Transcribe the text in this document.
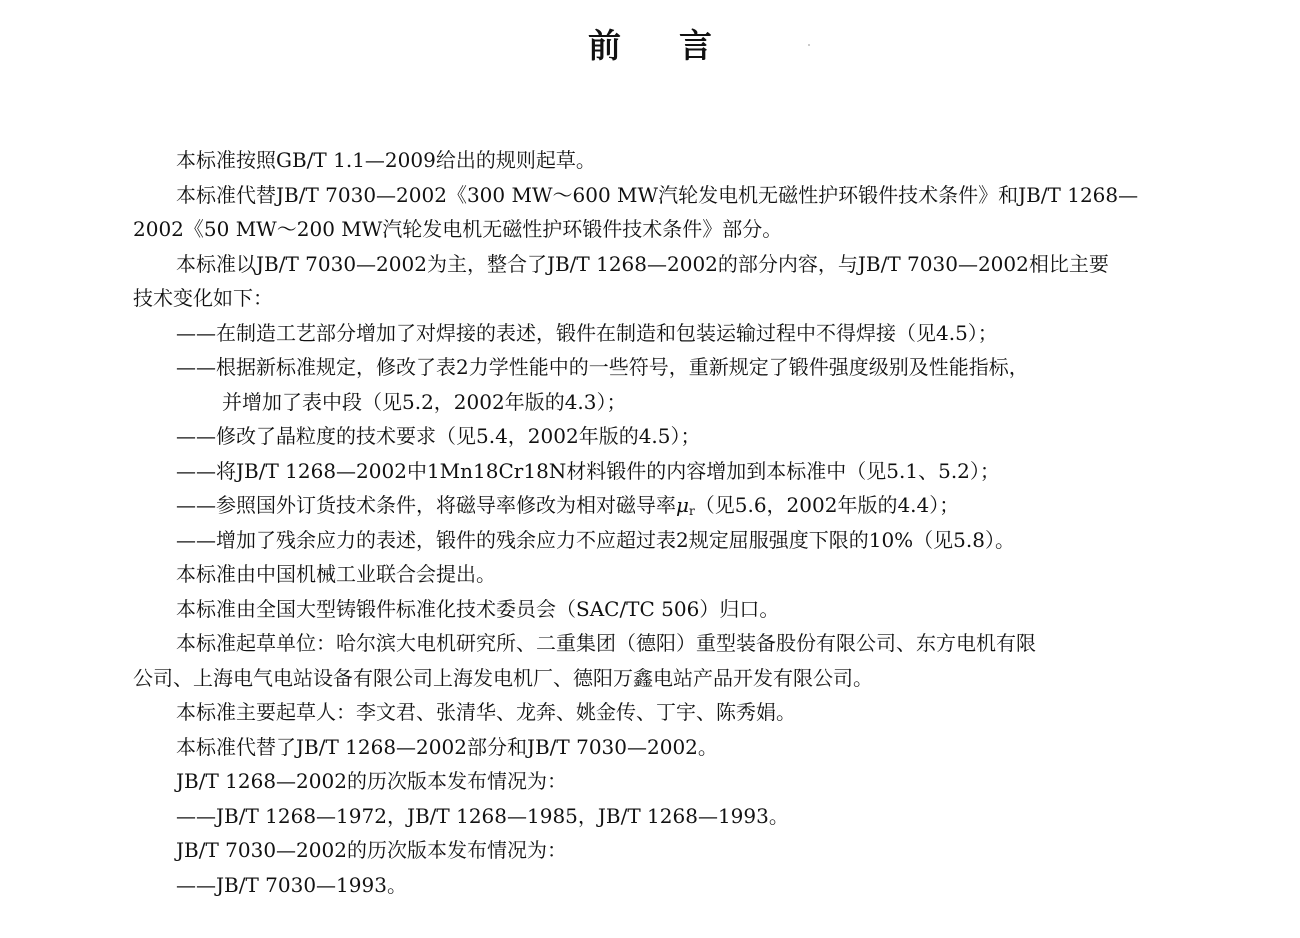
前言
本标准按照GB/T 1.1—2009给出的规则起草。
本标准代替JB/T 7030—2002《300 MW～600 MW汽轮发电机无磁性护环锻件技术条件》和JB/T 1268—
2002《50 MW～200 MW汽轮发电机无磁性护环锻件技术条件》部分。
本标准以JB/T 7030—2002为主，整合了JB/T 1268—2002的部分内容，与JB/T 7030—2002相比主要
技术变化如下：
——在制造工艺部分增加了对焊接的表述，锻件在制造和包装运输过程中不得焊接（见4.5）；
——根据新标准规定，修改了表2力学性能中的一些符号，重新规定了锻件强度级别及性能指标，
并增加了表中段（见5.2，2002年版的4.3）；
——修改了晶粒度的技术要求（见5.4，2002年版的4.5）；
——将JB/T 1268—2002中1Mn18Cr18N材料锻件的内容增加到本标准中（见5.1、5.2）；
——参照国外订货技术条件，将磁导率修改为相对磁导率$\mu_r$（见5.6，2002年版的4.4）；
——增加了残余应力的表述，锻件的残余应力不应超过表2规定屈服强度下限的10%（见5.8）。
本标准由中国机械工业联合会提出。
本标准由全国大型铸锻件标准化技术委员会（SAC/TC 506）归口。
本标准起草单位：哈尔滨大电机研究所、二重集团（德阳）重型装备股份有限公司、东方电机有限
公司、上海电气电站设备有限公司上海发电机厂、德阳万鑫电站产品开发有限公司。
本标准主要起草人：李文君、张清华、龙奔、姚金传、丁宇、陈秀娟。
本标准代替了JB/T 1268—2002部分和JB/T 7030—2002。
JB/T 1268—2002的历次版本发布情况为：
——JB/T 1268—1972，JB/T 1268—1985，JB/T 1268—1993。
JB/T 7030—2002的历次版本发布情况为：
——JB/T 7030—1993。
